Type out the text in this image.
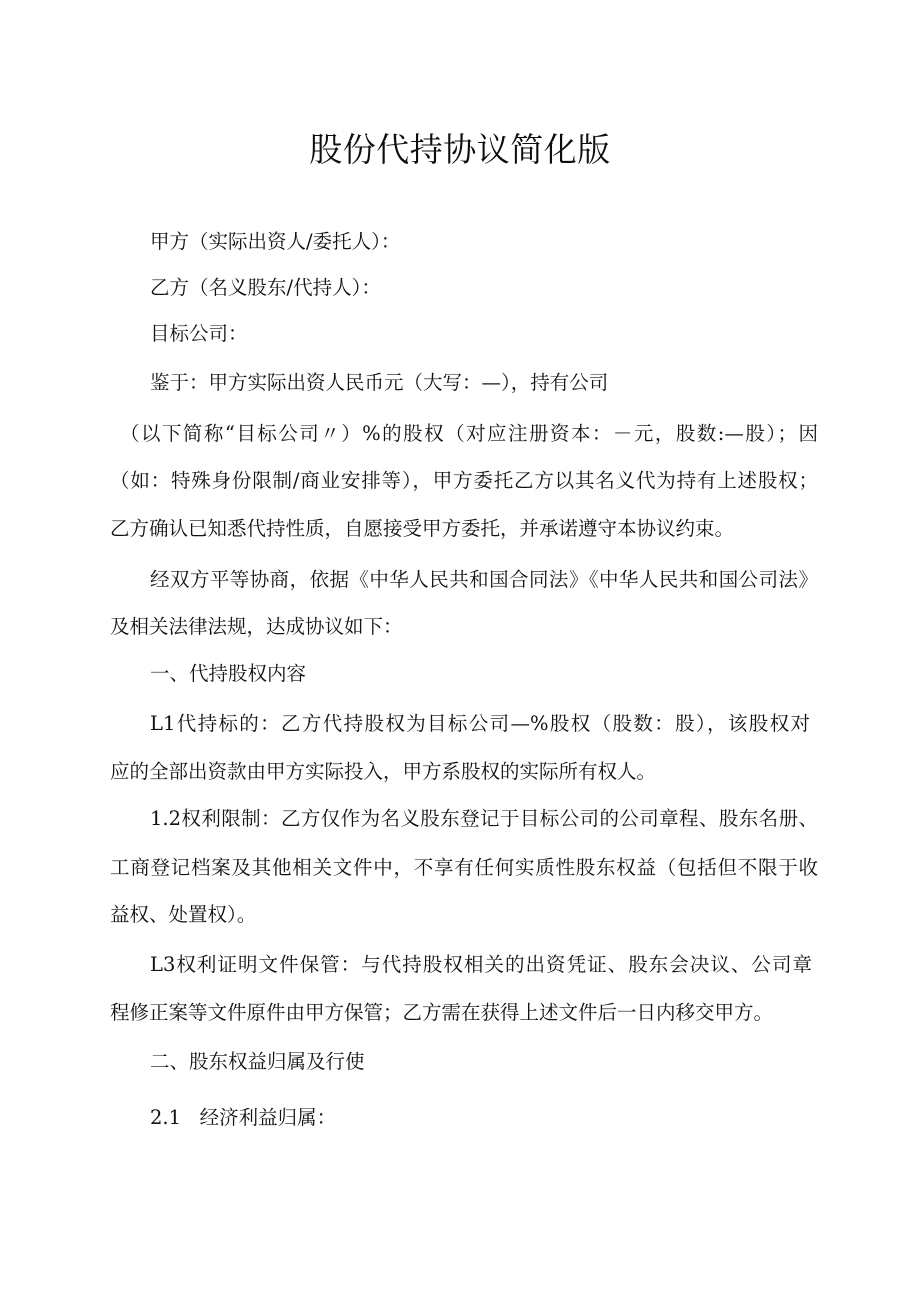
股份代持协议简化版
甲方（实际出资人/委托人）：
乙方（名义股东/代持人）：
目标公司：
鉴于：甲方实际出资人民币元（大写：—），持有公司
（以下简称“目标公司〃）%的股权（对应注册资本：－元，股数:—股）；因
（如：特殊身份限制/商业安排等），甲方委托乙方以其名义代为持有上述股权；
乙方确认已知悉代持性质，自愿接受甲方委托，并承诺遵守本协议约束。
经双方平等协商，依据《中华人民共和国合同法》《中华人民共和国公司法》
及相关法律法规，达成协议如下：
一、代持股权内容
L1代持标的：乙方代持股权为目标公司—%股权（股数：股），该股权对
应的全部出资款由甲方实际投入，甲方系股权的实际所有权人。
1.2权利限制：乙方仅作为名义股东登记于目标公司的公司章程、股东名册、
工商登记档案及其他相关文件中，不享有任何实质性股东权益（包括但不限于收
益权、处置权）。
L3权利证明文件保管：与代持股权相关的出资凭证、股东会决议、公司章
程修正案等文件原件由甲方保管；乙方需在获得上述文件后一日内移交甲方。
二、股东权益归属及行使
2.1   经济利益归属：
